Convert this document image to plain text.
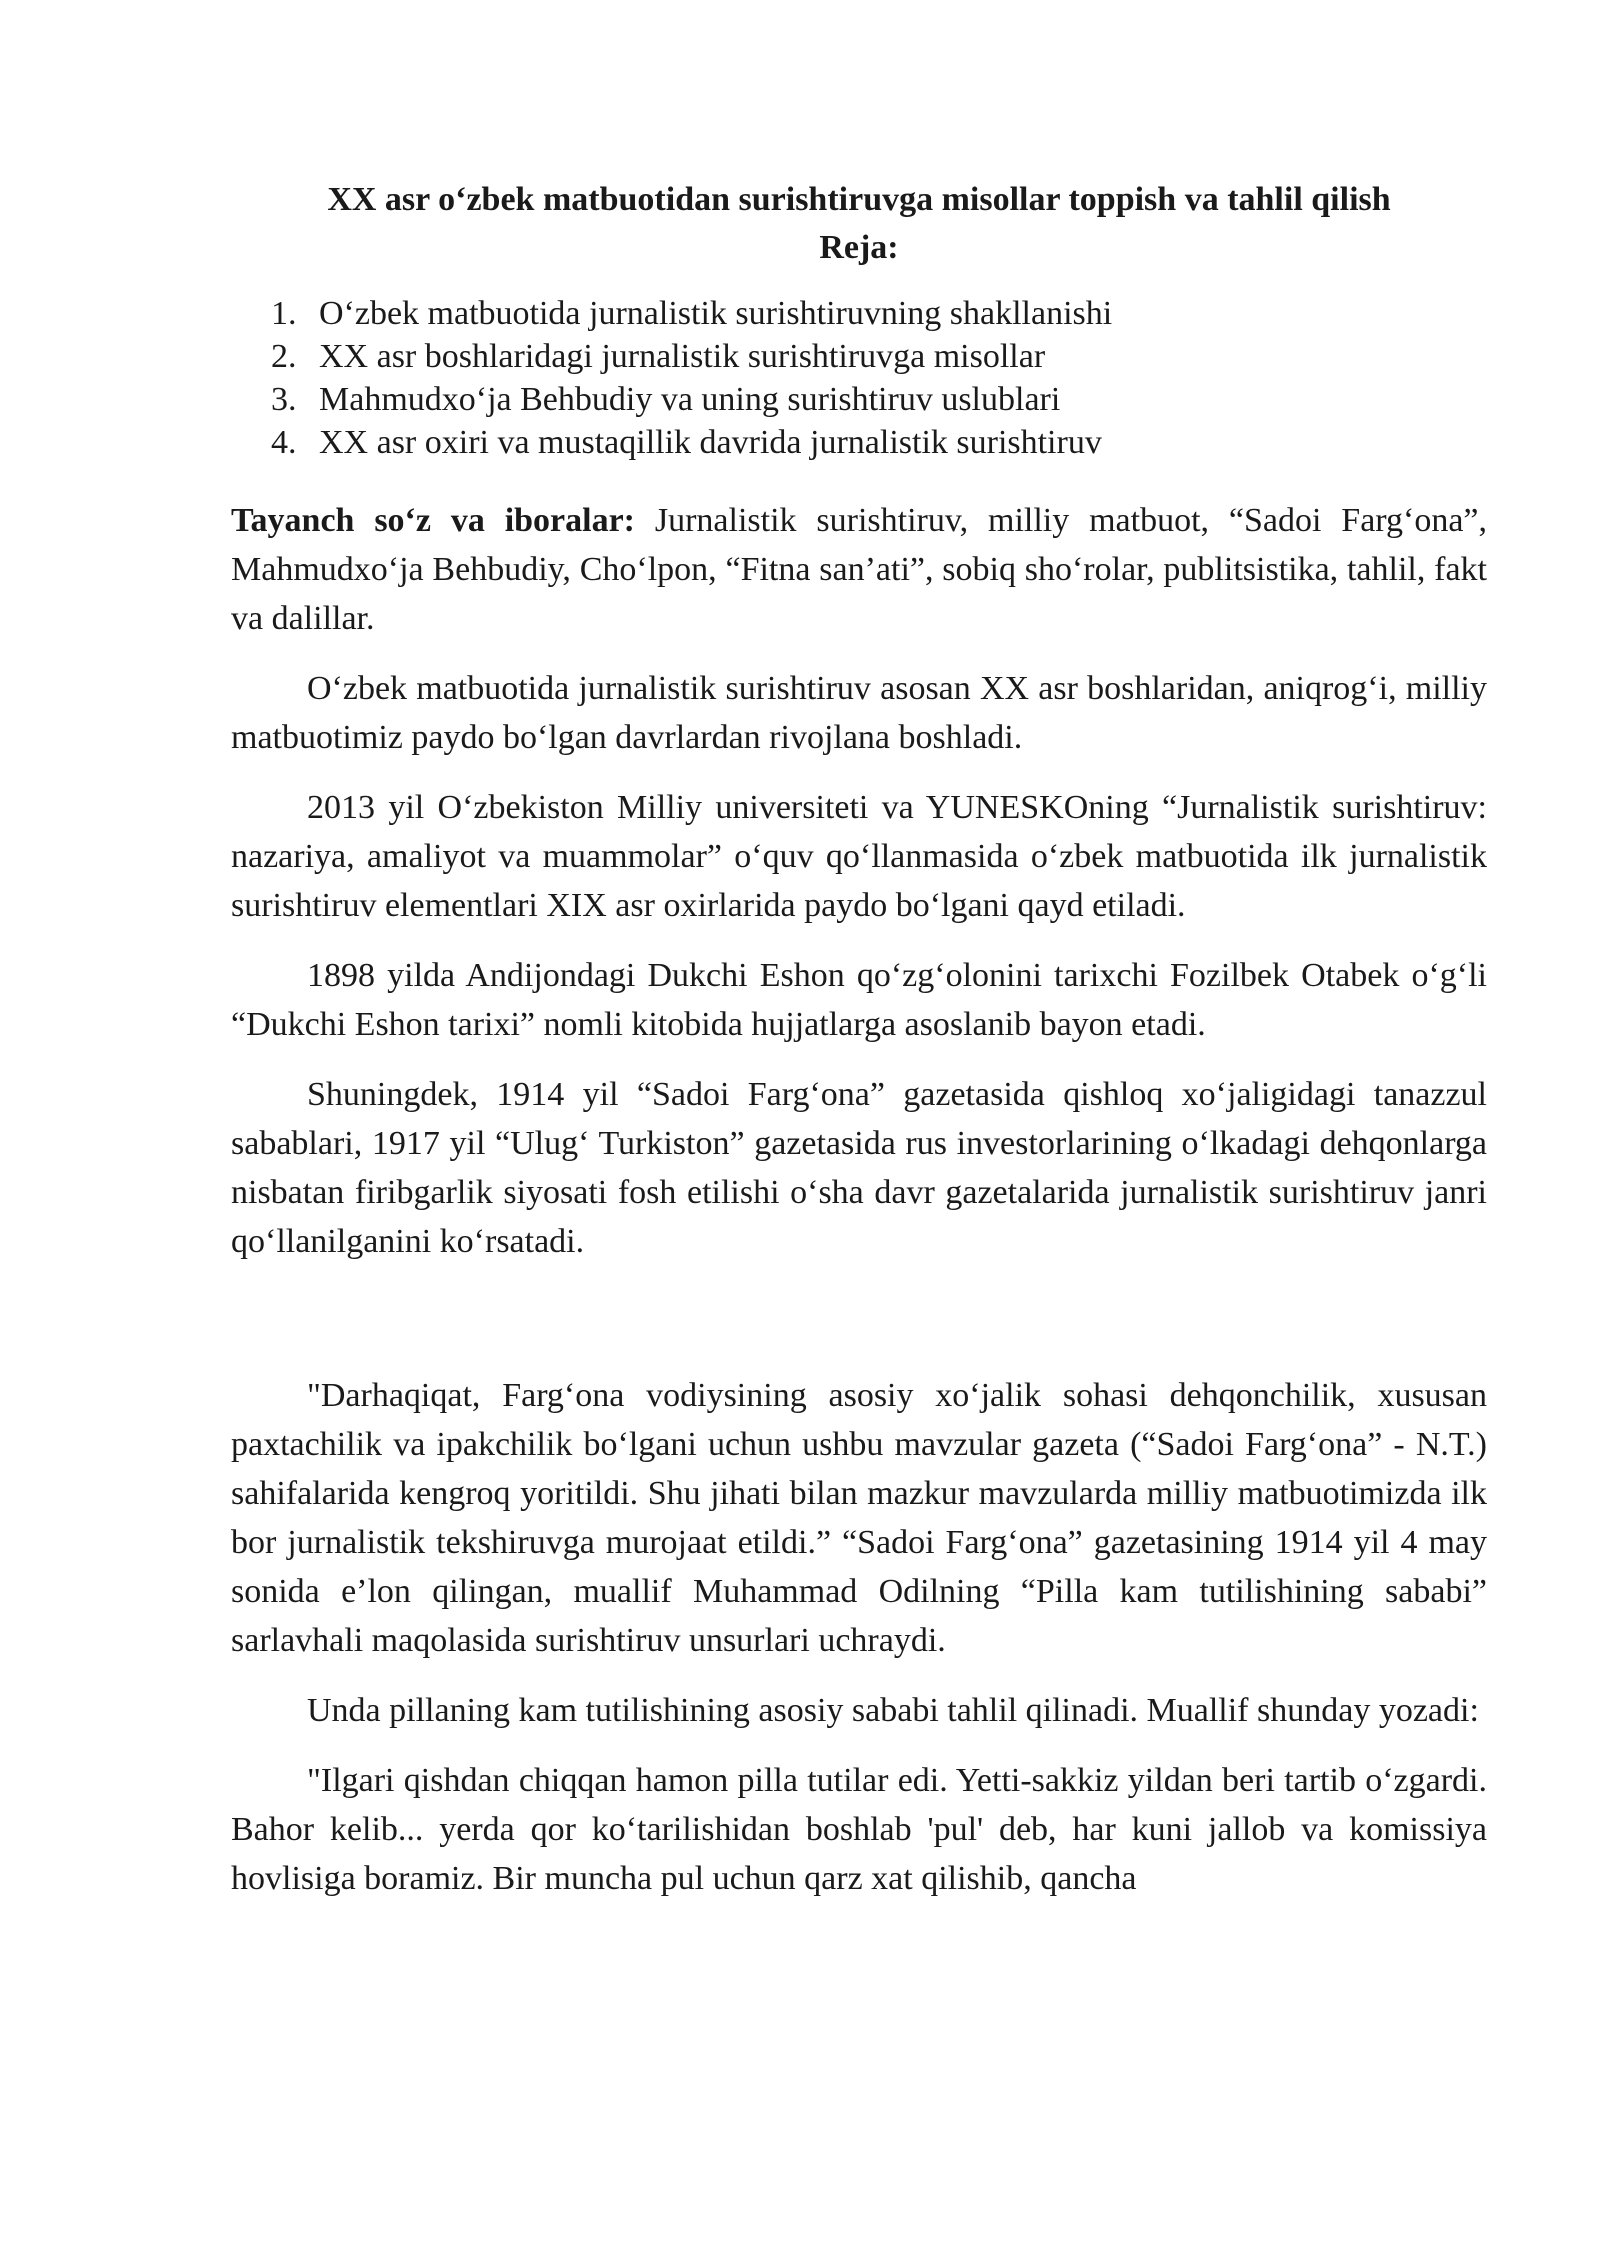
XX asr o‘zbek matbuotidan surishtiruvga misollar toppish va tahlil qilish
Reja:
1. O‘zbek matbuotida jurnalistik surishtiruvning shakllanishi
2. XX asr boshlaridagi jurnalistik surishtiruvga misollar
3. Mahmudxo‘ja Behbudiy va uning surishtiruv uslublari
4. XX asr oxiri va mustaqillik davrida jurnalistik surishtiruv

Tayanch so‘z va iboralar: Jurnalistik surishtiruv, milliy matbuot, “Sadoi Farg‘ona”, Mahmudxo‘ja Behbudiy, Cho‘lpon, “Fitna san’ati”, sobiq sho‘rolar, publitsistika, tahlil, fakt va dalillar.

O‘zbek matbuotida jurnalistik surishtiruv asosan XX asr boshlaridan, aniqrog‘i, milliy matbuotimiz paydo bo‘lgan davrlardan rivojlana boshladi.

2013 yil O‘zbekiston Milliy universiteti va YUNESKOning “Jurnalistik surishtiruv: nazariya, amaliyot va muammolar” o‘quv qo‘llanmasida o‘zbek matbuotida ilk jurnalistik surishtiruv elementlari XIX asr oxirlarida paydo bo‘lgani qayd etiladi.

1898 yilda Andijondagi Dukchi Eshon qo‘zg‘olonini tarixchi Fozilbek Otabek o‘g‘li “Dukchi Eshon tarixi” nomli kitobida hujjatlarga asoslanib bayon etadi.

Shuningdek, 1914 yil “Sadoi Farg‘ona” gazetasida qishloq xo‘jaligidagi tanazzul sabablari, 1917 yil “Ulug‘ Turkiston” gazetasida rus investorlarining o‘lkadagi dehqonlarga nisbatan firibgarlik siyosati fosh etilishi o‘sha davr gazetalarida jurnalistik surishtiruv janri qo‘llanilganini ko‘rsatadi.

"Darhaqiqat, Farg‘ona vodiysining asosiy xo‘jalik sohasi dehqonchilik, xususan paxtachilik va ipakchilik bo‘lgani uchun ushbu mavzular gazeta (“Sadoi Farg‘ona” - N.T.) sahifalarida kengroq yoritildi. Shu jihati bilan mazkur mavzularda milliy matbuotimizda ilk bor jurnalistik tekshiruvga murojaat etildi.” “Sadoi Farg‘ona” gazetasining 1914 yil 4 may sonida e’lon qilingan, muallif Muhammad Odilning “Pilla kam tutilishining sababi” sarlavhali maqolasida surishtiruv unsurlari uchraydi.

Unda pillaning kam tutilishining asosiy sababi tahlil qilinadi. Muallif shunday yozadi:

"Ilgari qishdan chiqqan hamon pilla tutilar edi. Yetti-sakkiz yildan beri tartib o‘zgardi. Bahor kelib... yerda qor ko‘tarilishidan boshlab 'pul' deb, har kuni jallob va komissiya hovlisiga boramiz. Bir muncha pul uchun qarz xat qilishib, qancha
